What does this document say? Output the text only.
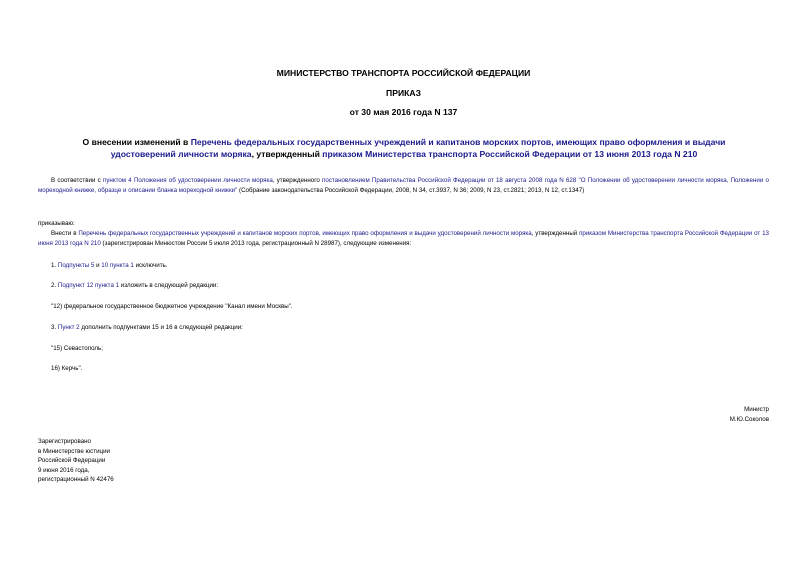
МИНИСТЕРСТВО ТРАНСПОРТА РОССИЙСКОЙ ФЕДЕРАЦИИ
ПРИКАЗ
от 30 мая 2016 года N 137
О внесении изменений в Перечень федеральных государственных учреждений и капитанов морских портов, имеющих право оформления и выдачи удостоверений личности моряка, утвержденный приказом Министерства транспорта Российской Федерации от 13 июня 2013 года N 210
В соответствии с пунктом 4 Положения об удостоверении личности моряка, утвержденного постановлением Правительства Российской Федерации от 18 августа 2008 года N 628 "О Положении об удостоверении личности моряка, Положении о мореходной книжке, образце и описании бланка мореходной книжки" (Собрание законодательства Российской Федерации, 2008, N 34, ст.3937, N 36; 2009, N 23, ст.2821; 2013, N 12, ст.1347)
приказываю:
Внести в Перечень федеральных государственных учреждений и капитанов морских портов, имеющих право оформления и выдачи удостоверений личности моряка, утвержденный приказом Министерства транспорта Российской Федерации от 13 июня 2013 года N 210 (зарегистрирован Минюстом России 5 июля 2013 года, регистрационный N 28987), следующие изменения:
1. Подпункты 5 и 10 пункта 1 исключить.
2. Подпункт 12 пункта 1 изложить в следующей редакции:
"12) федеральное государственное бюджетное учреждение "Канал имени Москвы".
3. Пункт 2 дополнить подпунктами 15 и 16 в следующей редакции:
"15) Севастополь;
16) Керчь".
Министр
М.Ю.Соколов
Зарегистрировано
в Министерстве юстиции
Российской Федерации
9 июня 2016 года,
регистрационный N 42476
